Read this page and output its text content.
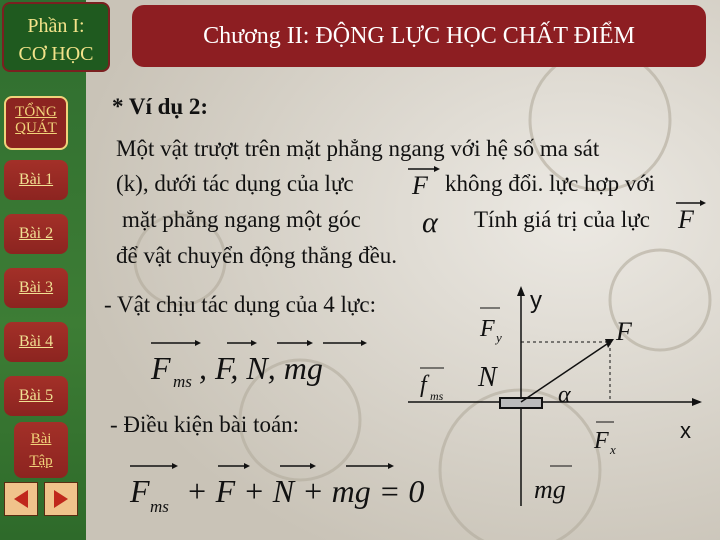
Phần I:
CƠ HỌC
Chương II: ĐỘNG LỰC HỌC CHẤT ĐIỂM
TỔNG
QUÁT
Bài 1
Bài 2
Bài 3
Bài 4
Bài 5
Bài
Tập
* Ví dụ 2:
Một vật trượt trên mặt phẳng ngang với hệ số ma sát
(k), dưới tác dụng của lực	không đổi. lực hợp với
mặt phẳng ngang một góc	Tính giá trị của lực
để vật chuyển động thẳng đều.
F
α	F
- Vật chịu tác dụng của 4 lực:
- Điều kiện bài toán:
F ms , F, N, mg
F ms + F + N + mg = 0
y
x
F
F y
N
f ms	α
F x
mg
